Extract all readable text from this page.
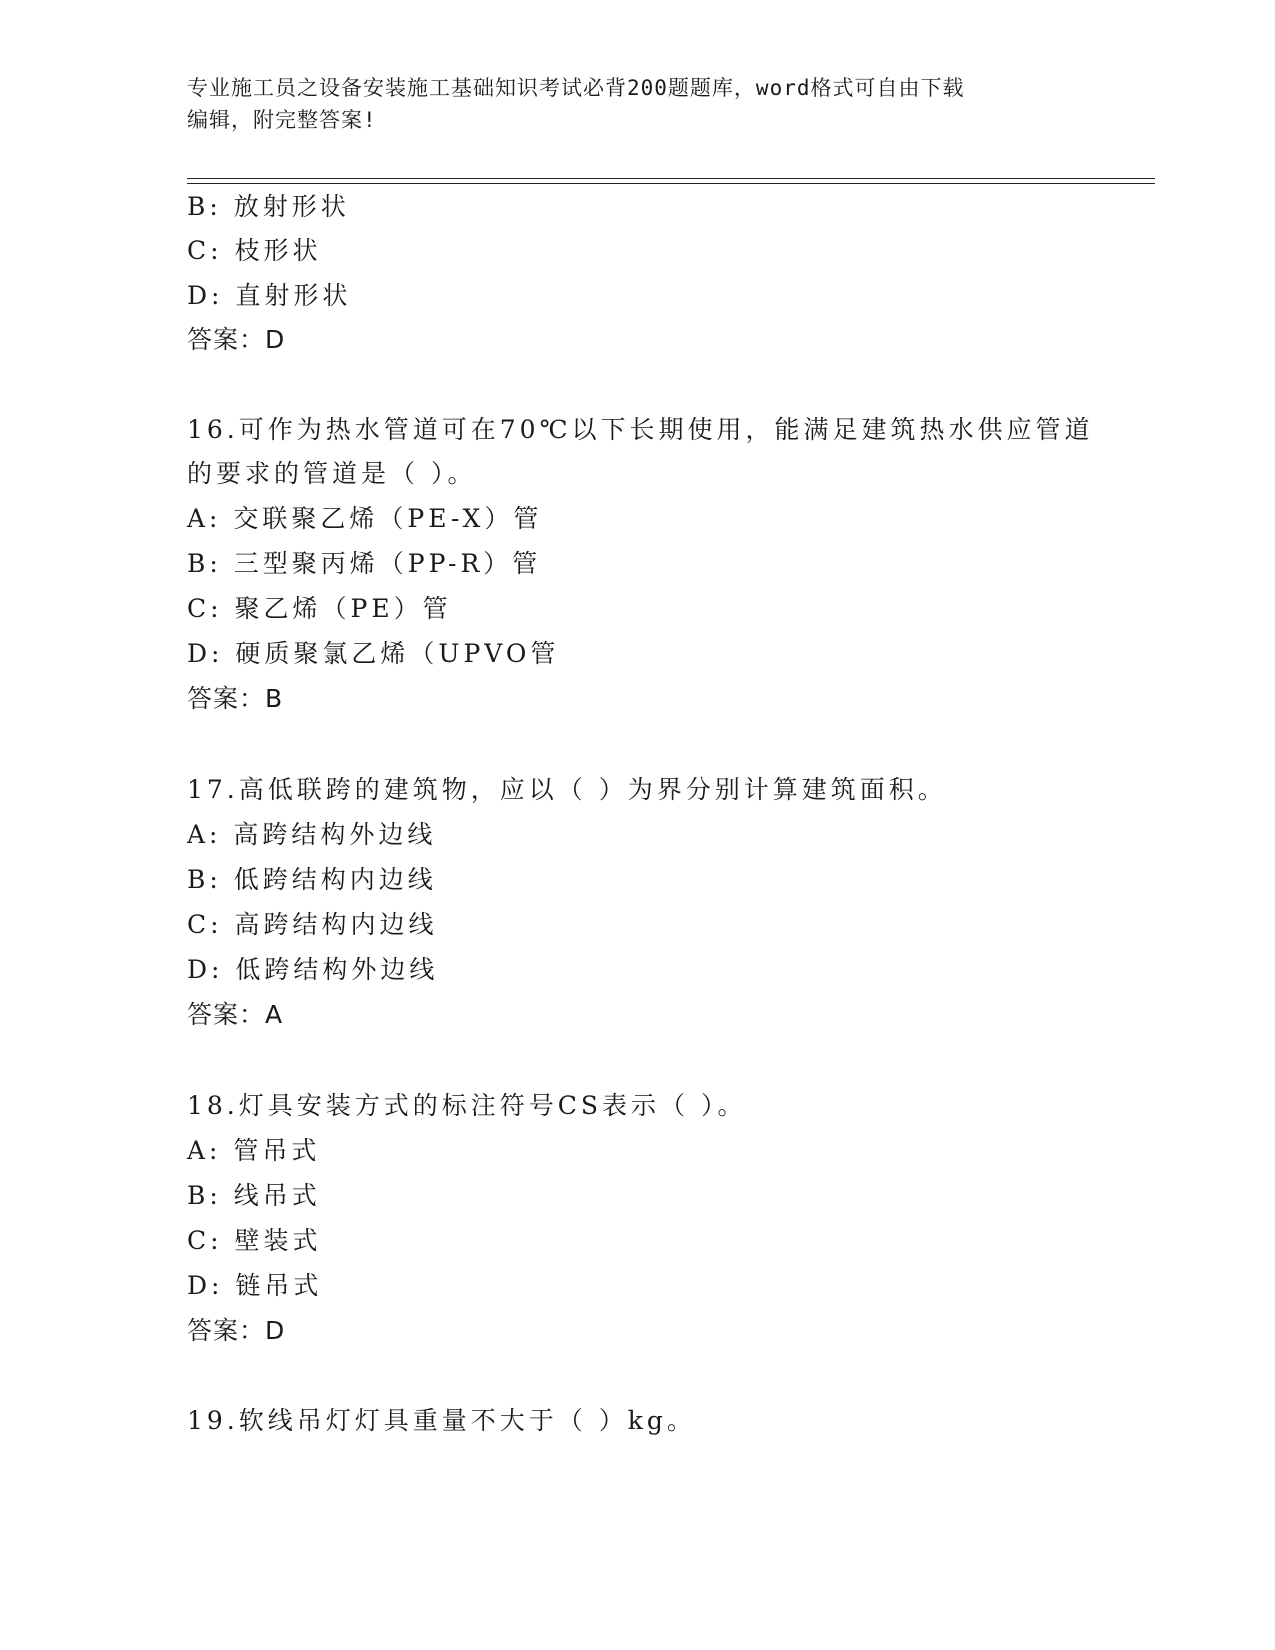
专业施工员之设备安装施工基础知识考试必背200题题库，word格式可自由下载
编辑，附完整答案!
B: 放射形状
C: 枝形状
D: 直射形状
答案：D
16.可作为热水管道可在70℃以下长期使用，能满足建筑热水供应管道
的要求的管道是（ ）。
A: 交联聚乙烯（PE-X）管
B: 三型聚丙烯（PP-R）管
C: 聚乙烯（PE）管
D: 硬质聚氯乙烯（UPVO管
答案：B
17.高低联跨的建筑物，应以（ ）为界分别计算建筑面积。
A: 高跨结构外边线
B: 低跨结构内边线
C: 高跨结构内边线
D: 低跨结构外边线
答案：A
18.灯具安装方式的标注符号CS表示（ ）。
A: 管吊式
B: 线吊式
C: 壁装式
D: 链吊式
答案：D
19.软线吊灯灯具重量不大于（ ）kg。
